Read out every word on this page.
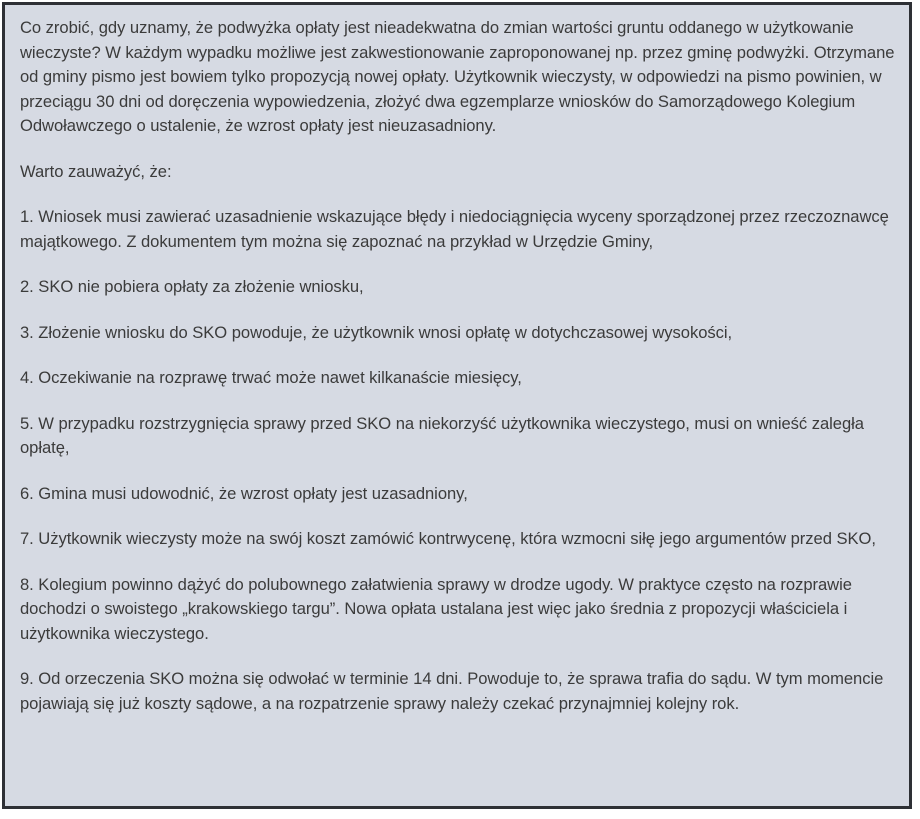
Co zrobić, gdy uznamy, że podwyżka opłaty jest nieadekwatna do zmian wartości gruntu oddanego w użytkowanie wieczyste? W każdym wypadku możliwe jest zakwestionowanie zaproponowanej np. przez gminę podwyżki. Otrzymane od gminy pismo jest bowiem tylko propozycją nowej opłaty. Użytkownik wieczysty, w odpowiedzi na pismo powinien, w przeciągu 30 dni od doręczenia wypowiedzenia, złożyć dwa egzemplarze wniosków do Samorządowego Kolegium Odwoławczego o ustalenie, że wzrost opłaty jest nieuzasadniony.

Warto zauważyć, że:

1. Wniosek musi zawierać uzasadnienie wskazujące błędy i niedociągnięcia wyceny sporządzonej przez rzeczoznawcę majątkowego. Z dokumentem tym można się zapoznać na przykład w Urzędzie Gminy,

2. SKO nie pobiera opłaty za złożenie wniosku,

3. Złożenie wniosku do SKO powoduje, że użytkownik wnosi opłatę w dotychczasowej wysokości,

4. Oczekiwanie na rozprawę trwać może nawet kilkanaście miesięcy,

5. W przypadku rozstrzygnięcia sprawy przed SKO na niekorzyść użytkownika wieczystego, musi on wnieść zaległa opłatę,

6. Gmina musi udowodnić, że wzrost opłaty jest uzasadniony,

7. Użytkownik wieczysty może na swój koszt zamówić kontrwycenę, która wzmocni siłę jego argumentów przed SKO,

8. Kolegium powinno dążyć do polubownego załatwienia sprawy w drodze ugody. W praktyce często na rozprawie dochodzi o swoistego „krakowskiego targu”. Nowa opłata ustalana jest więc jako średnia z propozycji właściciela i użytkownika wieczystego.

9. Od orzeczenia SKO można się odwołać w terminie 14 dni. Powoduje to, że sprawa trafia do sądu. W tym momencie pojawiają się już koszty sądowe, a na rozpatrzenie sprawy należy czekać przynajmniej kolejny rok.
